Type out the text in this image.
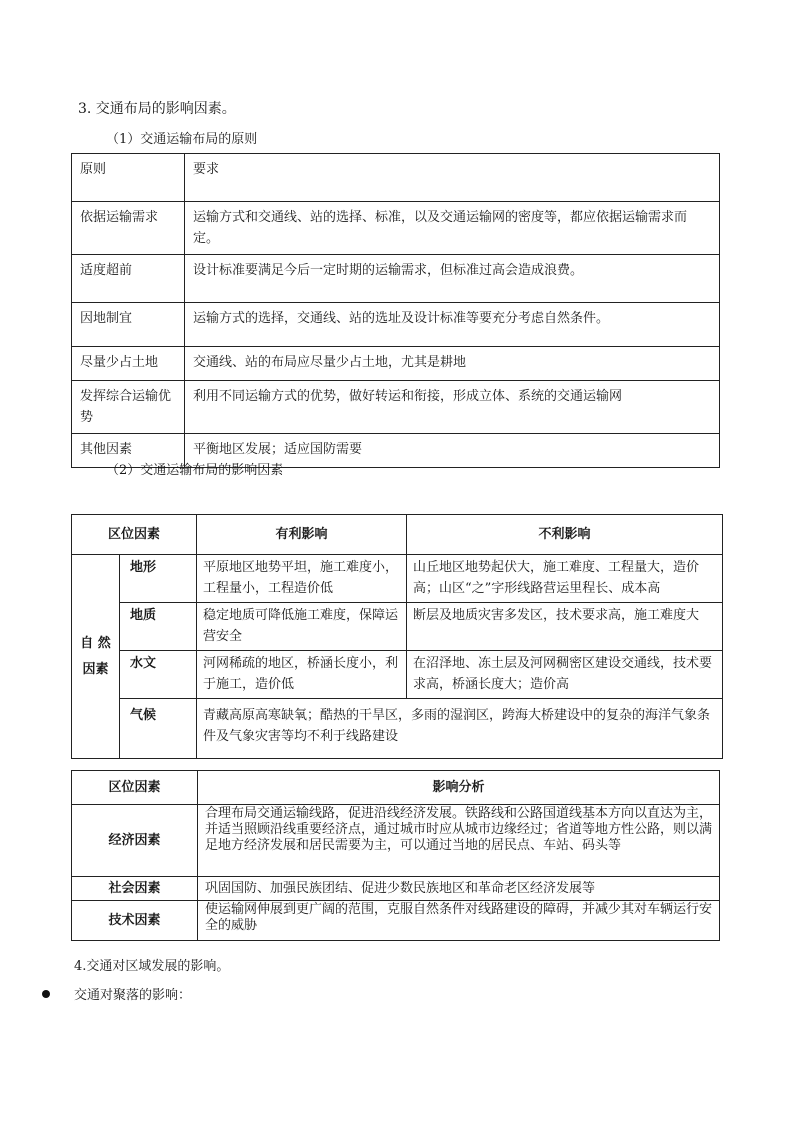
3. 交通布局的影响因素。
（1）交通运输布局的原则
原则	要求
依据运输需求	运输方式和交通线、站的选择、标准，以及交通运输网的密度等，都应依据运输需求而定。
适度超前	设计标准要满足今后一定时期的运输需求，但标准过高会造成浪费。
因地制宜	运输方式的选择，交通线、站的选址及设计标准等要充分考虑自然条件。
尽量少占土地	交通线、站的布局应尽量少占土地，尤其是耕地
发挥综合运输优势	利用不同运输方式的优势，做好转运和衔接，形成立体、系统的交通运输网
其他因素	平衡地区发展；适应国防需要
（2）交通运输布局的影响因素
区位因素		有利影响	不利影响
自 然
因素	地形	平原地区地势平坦，施工难度小，工程量小，工程造价低	山丘地区地势起伏大，施工难度、工程量大，造价高；山区“之”字形线路营运里程长、成本高
	地质	稳定地质可降低施工难度，保障运营安全	断层及地质灾害多发区，技术要求高，施工难度大
	水文	河网稀疏的地区，桥涵长度小，利于施工，造价低	在沼泽地、冻土层及河网稠密区建设交通线，技术要求高，桥涵长度大；造价高
	气候	青藏高原高寒缺氧；酷热的干旱区，多雨的湿润区，跨海大桥建设中的复杂的海洋气象条件及气象灾害等均不利于线路建设	
区位因素	影响分析
经济因素	合理布局交通运输线路，促进沿线经济发展。铁路线和公路国道线基本方向以直达为主，并适当照顾沿线重要经济点，通过城市时应从城市边缘经过；省道等地方性公路，则以满足地方经济发展和居民需要为主，可以通过当地的居民点、车站、码头等
社会因素	巩固国防、加强民族团结、促进少数民族地区和革命老区经济发展等
技术因素	使运输网伸展到更广阔的范围，克服自然条件对线路建设的障碍，并减少其对车辆运行安全的威胁
4.交通对区域发展的影响。
交通对聚落的影响：
